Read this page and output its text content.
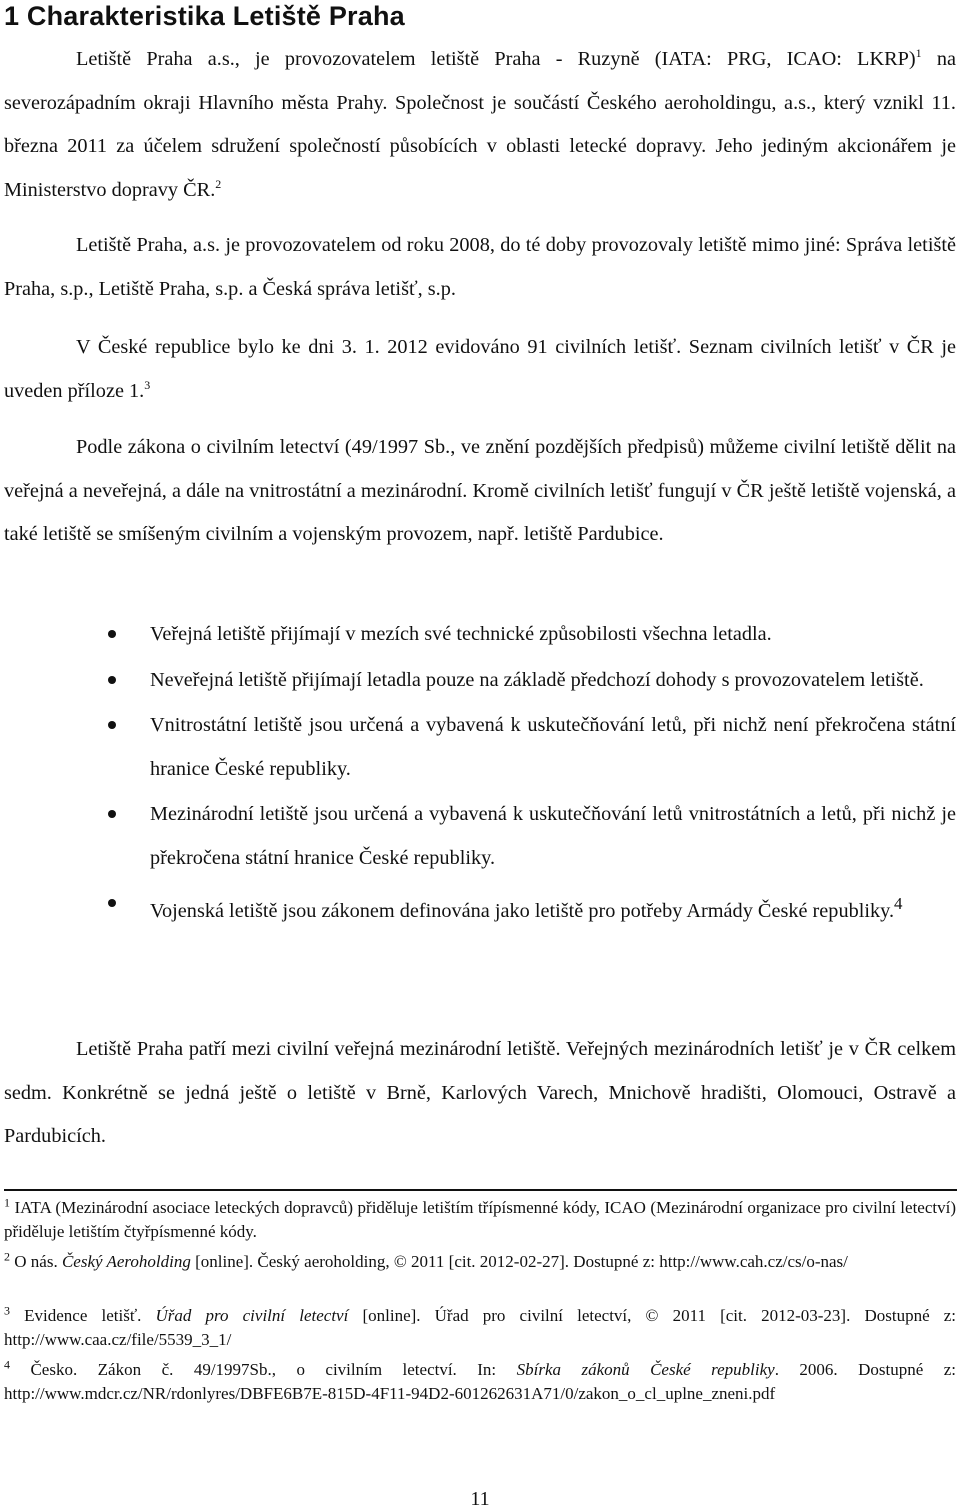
1 Charakteristika Letiště Praha

Letiště Praha a.s., je provozovatelem letiště Praha - Ruzyně (IATA: PRG, ICAO: LKRP)$^1$ na severozápadním okraji Hlavního města Prahy. Společnost je součástí Českého aeroholdingu, a.s., který vznikl 11. března 2011 za účelem sdružení společností působících v oblasti letecké dopravy. Jeho jediným akcionářem je Ministerstvo dopravy ČR.$^2$

Letiště Praha, a.s. je provozovatelem od roku 2008, do té doby provozovaly letiště mimo jiné: Správa letiště Praha, s.p., Letiště Praha, s.p. a Česká správa letišť, s.p.

V České republice bylo ke dni 3. 1. 2012 evidováno 91 civilních letišť. Seznam civilních letišť v ČR je uveden příloze 1.$^3$

Podle zákona o civilním letectví (49/1997 Sb., ve znění pozdějších předpisů) můžeme civilní letiště dělit na veřejná a neveřejná, a dále na vnitrostátní a mezinárodní. Kromě civilních letišť fungují v ČR ještě letiště vojenská, a také letiště se smíšeným civilním a vojenským provozem, např. letiště Pardubice.

Veřejná letiště přijímají v mezích své technické způsobilosti všechna letadla.
Neveřejná letiště přijímají letadla pouze na základě předchozí dohody s provozovatelem letiště.
Vnitrostátní letiště jsou určená a vybavená k uskutečňování letů, při nichž není překročena státní hranice České republiky.
Mezinárodní letiště jsou určená a vybavená k uskutečňování letů vnitrostátních a letů, při nichž je překročena státní hranice České republiky.
Vojenská letiště jsou zákonem definována jako letiště pro potřeby Armády České republiky.$^4$

Letiště Praha patří mezi civilní veřejná mezinárodní letiště. Veřejných mezinárodních letišť je v ČR celkem sedm. Konkrétně se jedná ještě o letiště v Brně, Karlových Varech, Mnichově hradišti, Olomouci, Ostravě a Pardubicích.

$^1$ IATA (Mezinárodní asociace leteckých dopravců) přiděluje letištím třípísmenné kódy, ICAO (Mezinárodní organizace pro civilní letectví) přiděluje letištím čtyřpísmenné kódy.

$^2$ O nás. Český Aeroholding [online]. Český aeroholding, © 2011 [cit. 2012-02-27]. Dostupné z: http://www.cah.cz/cs/o-nas/

$^3$ Evidence letišť. Úřad pro civilní letectví [online]. Úřad pro civilní letectví, © 2011 [cit. 2012-03-23]. Dostupné z: http://www.caa.cz/file/5539_3_1/

$^4$ Česko. Zákon č. 49/1997Sb., o civilním letectví. In: Sbírka zákonů České republiky. 2006. Dostupné z: http://www.mdcr.cz/NR/rdonlyres/DBFE6B7E-815D-4F11-94D2-601262631A71/0/zakon_o_cl_uplne_zneni.pdf

11
